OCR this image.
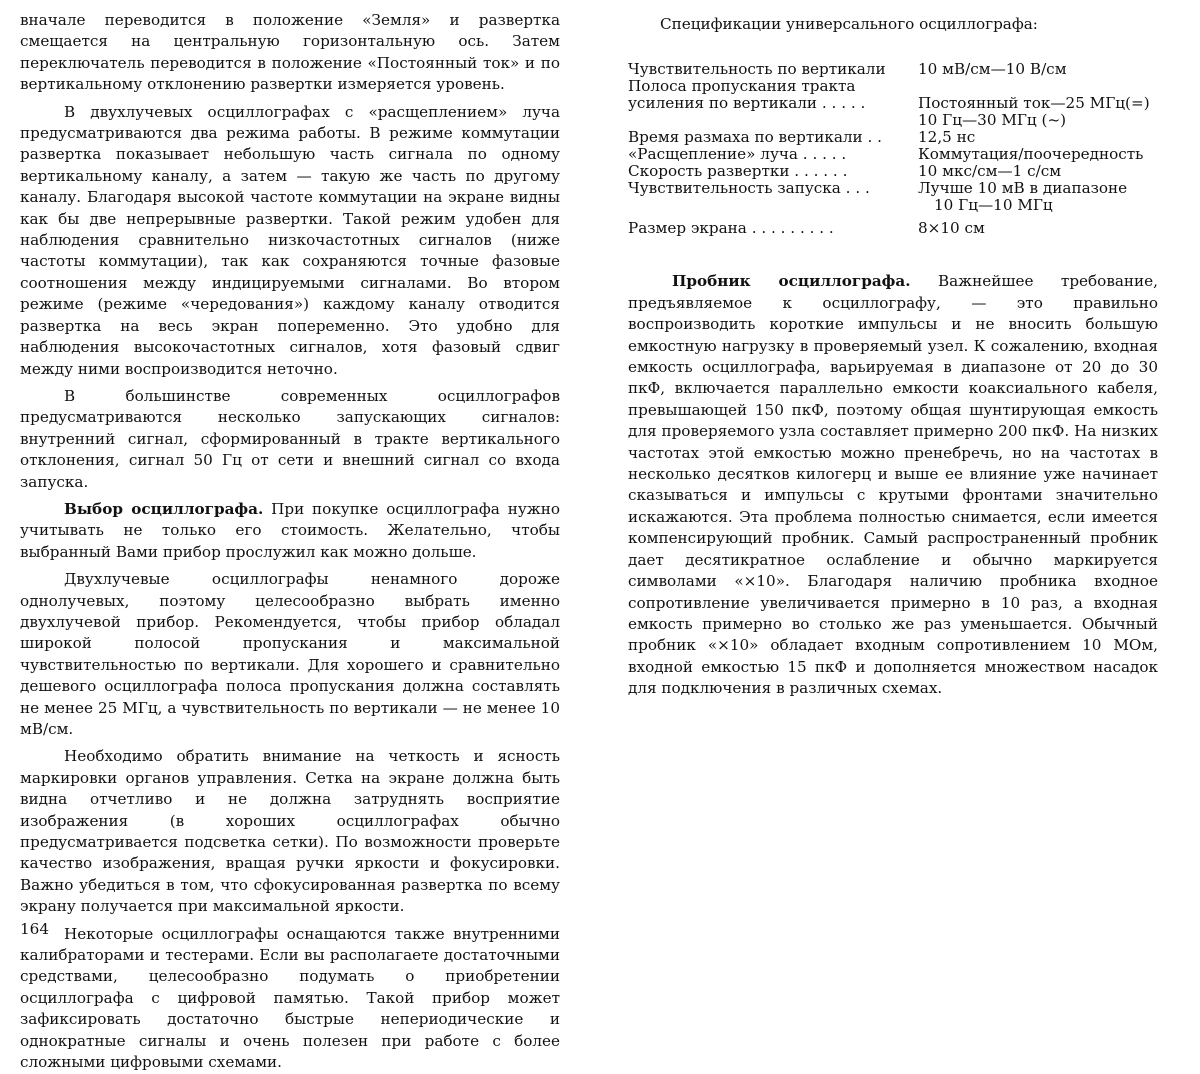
вначале переводится в положение «Земля» и развертка смещается на центральную горизонтальную ось. Затем переключатель переводится в положение «Постоянный ток» и по вертикальному отклонению развертки измеряется уровень.

В двухлучевых осциллографах с «расщеплением» луча предусматриваются два режима работы. В режиме коммутации развертка показывает небольшую часть сигнала по одному вертикальному каналу, а затем — такую же часть по другому каналу. Благодаря высокой частоте коммутации на экране видны как бы две непрерывные развертки. Такой режим удобен для наблюдения сравнительно низкочастотных сигналов (ниже частоты коммутации), так как сохраняются точные фазовые соотношения между индицируемыми сигналами. Во втором режиме (режиме «чередования») каждому каналу отводится развертка на весь экран попеременно. Это удобно для наблюдения высокочастотных сигналов, хотя фазовый сдвиг между ними воспроизводится неточно.

В большинстве современных осциллографов предусматриваются несколько запускающих сигналов: внутренний сигнал, сформированный в тракте вертикального отклонения, сигнал 50 Гц от сети и внешний сигнал со входа запуска.

Выбор осциллографа. При покупке осциллографа нужно учитывать не только его стоимость. Желательно, чтобы выбранный Вами прибор прослужил как можно дольше.

Двухлучевые осциллографы ненамного дороже однолучевых, поэтому целесообразно выбрать именно двухлучевой прибор. Рекомендуется, чтобы прибор обладал широкой полосой пропускания и максимальной чувствительностью по вертикали. Для хорошего и сравнительно дешевого осциллографа полоса пропускания должна составлять не менее 25 МГц, а чувствительность по вертикали — не менее 10 мВ/см.

Необходимо обратить внимание на четкость и ясность маркировки органов управления. Сетка на экране должна быть видна отчетливо и не должна затруднять восприятие изображения (в хороших осциллографах обычно предусматривается подсветка сетки). По возможности проверьте качество изображения, вращая ручки яркости и фокусировки. Важно убедиться в том, что сфокусированная развертка по всему экрану получается при максимальной яркости.

Некоторые осциллографы оснащаются также внутренними калибраторами и тестерами. Если вы располагаете достаточными средствами, целесообразно подумать о приобретении осциллографа с цифровой памятью. Такой прибор может зафиксировать достаточно быстрые непериодические и однократные сигналы и очень полезен при работе с более сложными цифровыми схемами.

164
Спецификации универсального осциллографа:
Чувствительность по вертикали	10 мВ/см—10 В/см

Полоса пропускания тракта усиления по вертикали . . . . .	Постоянный ток—25 МГц(=)
10 Гц—30 МГц (~)

Время размаха по вертикали . .	12,5 нс

«Расщепление» луча . . . . .	Коммутация/поочередность

Скорость развертки . . . . . .	10 мкс/см—1 с/см

Чувствительность запуска . . .	Лучше 10 мВ в диапазоне
10 Гц—10 МГц

Размер экрана . . . . . . . . .	8×10 см

Пробник осциллографа. Важнейшее требование, предъявляемое к осциллографу, — это правильно воспроизводить короткие импульсы и не вносить большую емкостную нагрузку в проверяемый узел. К сожалению, входная емкость осциллографа, варьируемая в диапазоне от 20 до 30 пкФ, включается параллельно емкости коаксиального кабеля, превышающей 150 пкФ, поэтому общая шунтирующая емкость для проверяемого узла составляет примерно 200 пкФ. На низких частотах этой емкостью можно пренебречь, но на частотах в несколько десятков килогерц и выше ее влияние уже начинает сказываться и импульсы с крутыми фронтами значительно искажаются. Эта проблема полностью снимается, если имеется компенсирующий пробник. Самый распространенный пробник дает десятикратное ослабление и обычно маркируется символами «×10». Благодаря наличию пробника входное сопротивление увеличивается примерно в 10 раз, а входная емкость примерно во столько же раз уменьшается. Обычный пробник «×10» обладает входным сопротивлением 10 МОм, входной емкостью 15 пкФ и дополняется множеством насадок для подключения в различных схемах.
